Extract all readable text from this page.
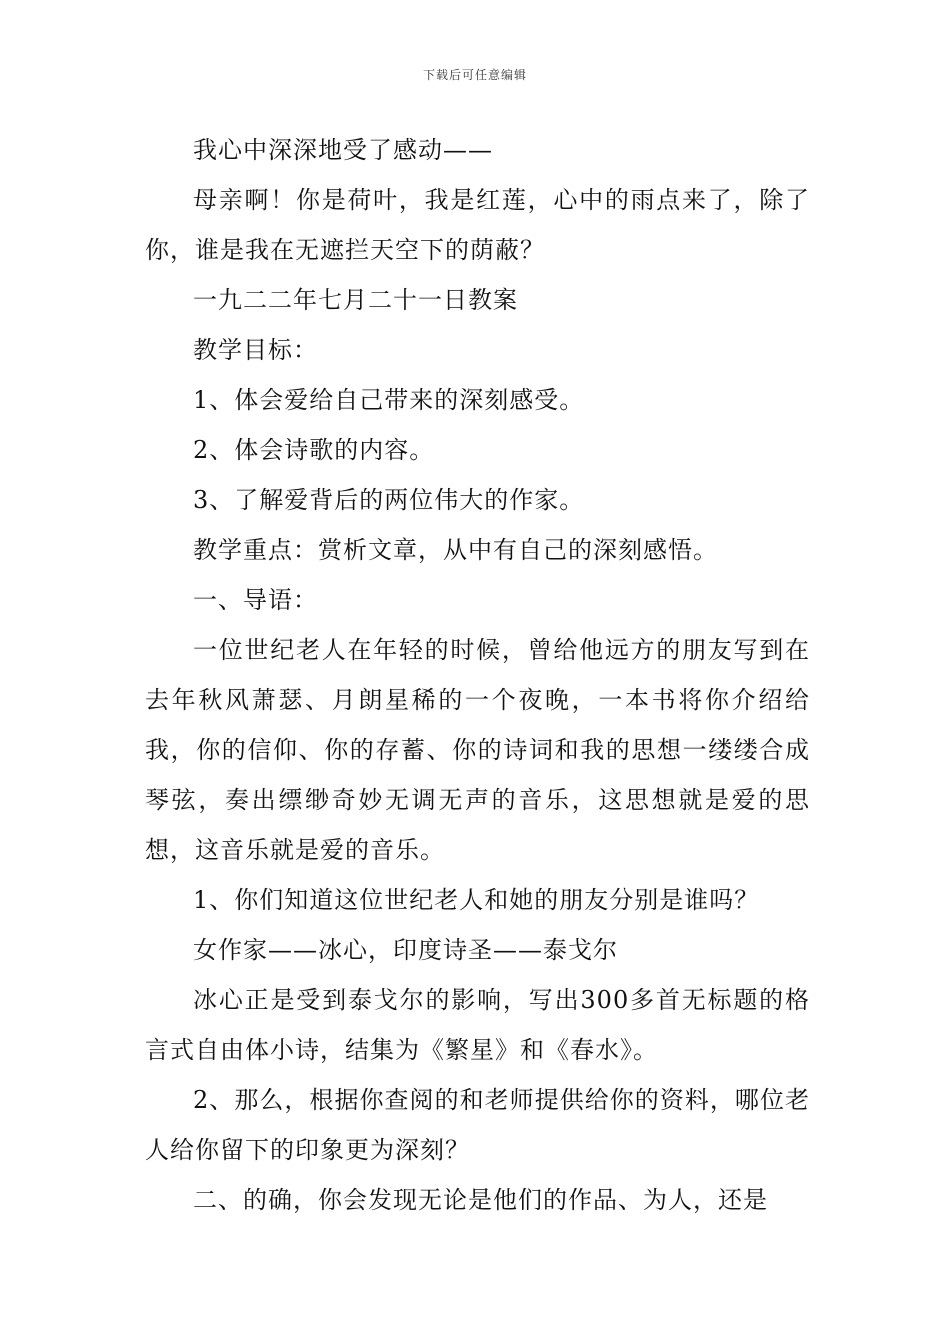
下载后可任意编辑

我心中深深地受了感动——

母亲啊！你是荷叶，我是红莲，心中的雨点来了，除了你，谁是我在无遮拦天空下的荫蔽？

一九二二年七月二十一日教案

教学目标：

1、体会爱给自己带来的深刻感受。

2、体会诗歌的内容。

3、了解爱背后的两位伟大的作家。

教学重点：赏析文章，从中有自己的深刻感悟。

一、导语：

一位世纪老人在年轻的时候，曾给他远方的朋友写到在去年秋风萧瑟、月朗星稀的一个夜晚，一本书将你介绍给我，你的信仰、你的存蓄、你的诗词和我的思想一缕缕合成琴弦，奏出缥缈奇妙无调无声的音乐，这思想就是爱的思想，这音乐就是爱的音乐。

1、你们知道这位世纪老人和她的朋友分别是谁吗？

女作家——冰心，印度诗圣——泰戈尔

冰心正是受到泰戈尔的影响，写出300多首无标题的格言式自由体小诗，结集为《繁星》和《春水》。

2、那么，根据你查阅的和老师提供给你的资料，哪位老人给你留下的印象更为深刻？

二、的确，你会发现无论是他们的作品、为人，还是
